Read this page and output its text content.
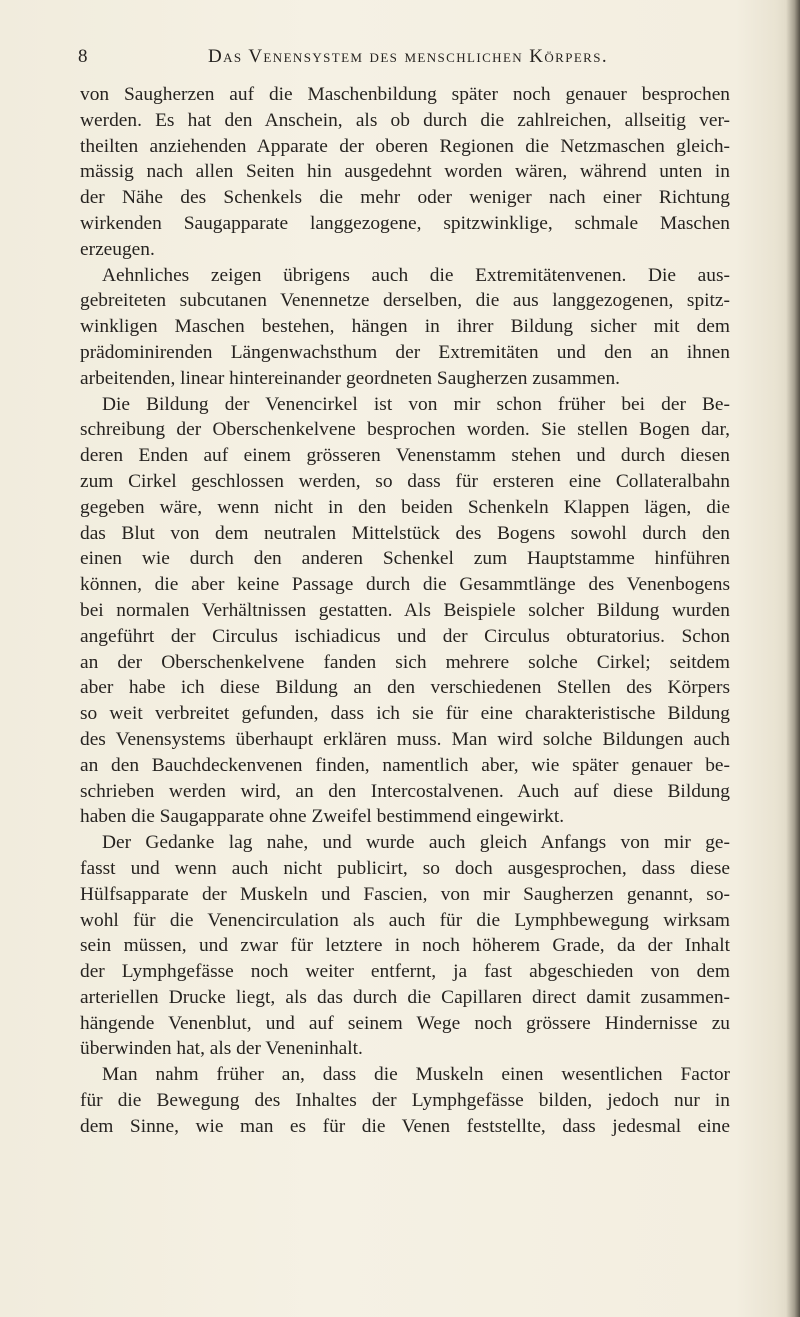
8	Das Venensystem des menschlichen Körpers.
von Saugherzen auf die Maschenbildung später noch genauer besprochen
werden. Es hat den Anschein, als ob durch die zahlreichen, allseitig ver-
theilten anziehenden Apparate der oberen Regionen die Netzmaschen gleich-
mässig nach allen Seiten hin ausgedehnt worden wären, während unten in
der Nähe des Schenkels die mehr oder weniger nach einer Richtung
wirkenden Saugapparate langgezogene, spitzwinklige, schmale Maschen
erzeugen.
Aehnliches zeigen übrigens auch die Extremitätenvenen. Die aus-
gebreiteten subcutanen Venennetze derselben, die aus langgezogenen, spitz-
winkligen Maschen bestehen, hängen in ihrer Bildung sicher mit dem
prädominirenden Längenwachsthum der Extremitäten und den an ihnen
arbeitenden, linear hintereinander geordneten Saugherzen zusammen.
Die Bildung der Venencirkel ist von mir schon früher bei der Be-
schreibung der Oberschenkelvene besprochen worden. Sie stellen Bogen dar,
deren Enden auf einem grösseren Venenstamm stehen und durch diesen
zum Cirkel geschlossen werden, so dass für ersteren eine Collateralbahn
gegeben wäre, wenn nicht in den beiden Schenkeln Klappen lägen, die
das Blut von dem neutralen Mittelstück des Bogens sowohl durch den
einen wie durch den anderen Schenkel zum Hauptstamme hinführen
können, die aber keine Passage durch die Gesammtlänge des Venenbogens
bei normalen Verhältnissen gestatten. Als Beispiele solcher Bildung wurden
angeführt der Circulus ischiadicus und der Circulus obturatorius. Schon
an der Oberschenkelvene fanden sich mehrere solche Cirkel; seitdem
aber habe ich diese Bildung an den verschiedenen Stellen des Körpers
so weit verbreitet gefunden, dass ich sie für eine charakteristische Bildung
des Venensystems überhaupt erklären muss. Man wird solche Bildungen auch
an den Bauchdeckenvenen finden, namentlich aber, wie später genauer be-
schrieben werden wird, an den Intercostalvenen. Auch auf diese Bildung
haben die Saugapparate ohne Zweifel bestimmend eingewirkt.
Der Gedanke lag nahe, und wurde auch gleich Anfangs von mir ge-
fasst und wenn auch nicht publicirt, so doch ausgesprochen, dass diese
Hülfsapparate der Muskeln und Fascien, von mir Saugherzen genannt, so-
wohl für die Venencirculation als auch für die Lymphbewegung wirksam
sein müssen, und zwar für letztere in noch höherem Grade, da der Inhalt
der Lymphgefässe noch weiter entfernt, ja fast abgeschieden von dem
arteriellen Drucke liegt, als das durch die Capillaren direct damit zusammen-
hängende Venenblut, und auf seinem Wege noch grössere Hindernisse zu
überwinden hat, als der Veneninhalt.
Man nahm früher an, dass die Muskeln einen wesentlichen Factor
für die Bewegung des Inhaltes der Lymphgefässe bilden, jedoch nur in
dem Sinne, wie man es für die Venen feststellte, dass jedesmal eine
